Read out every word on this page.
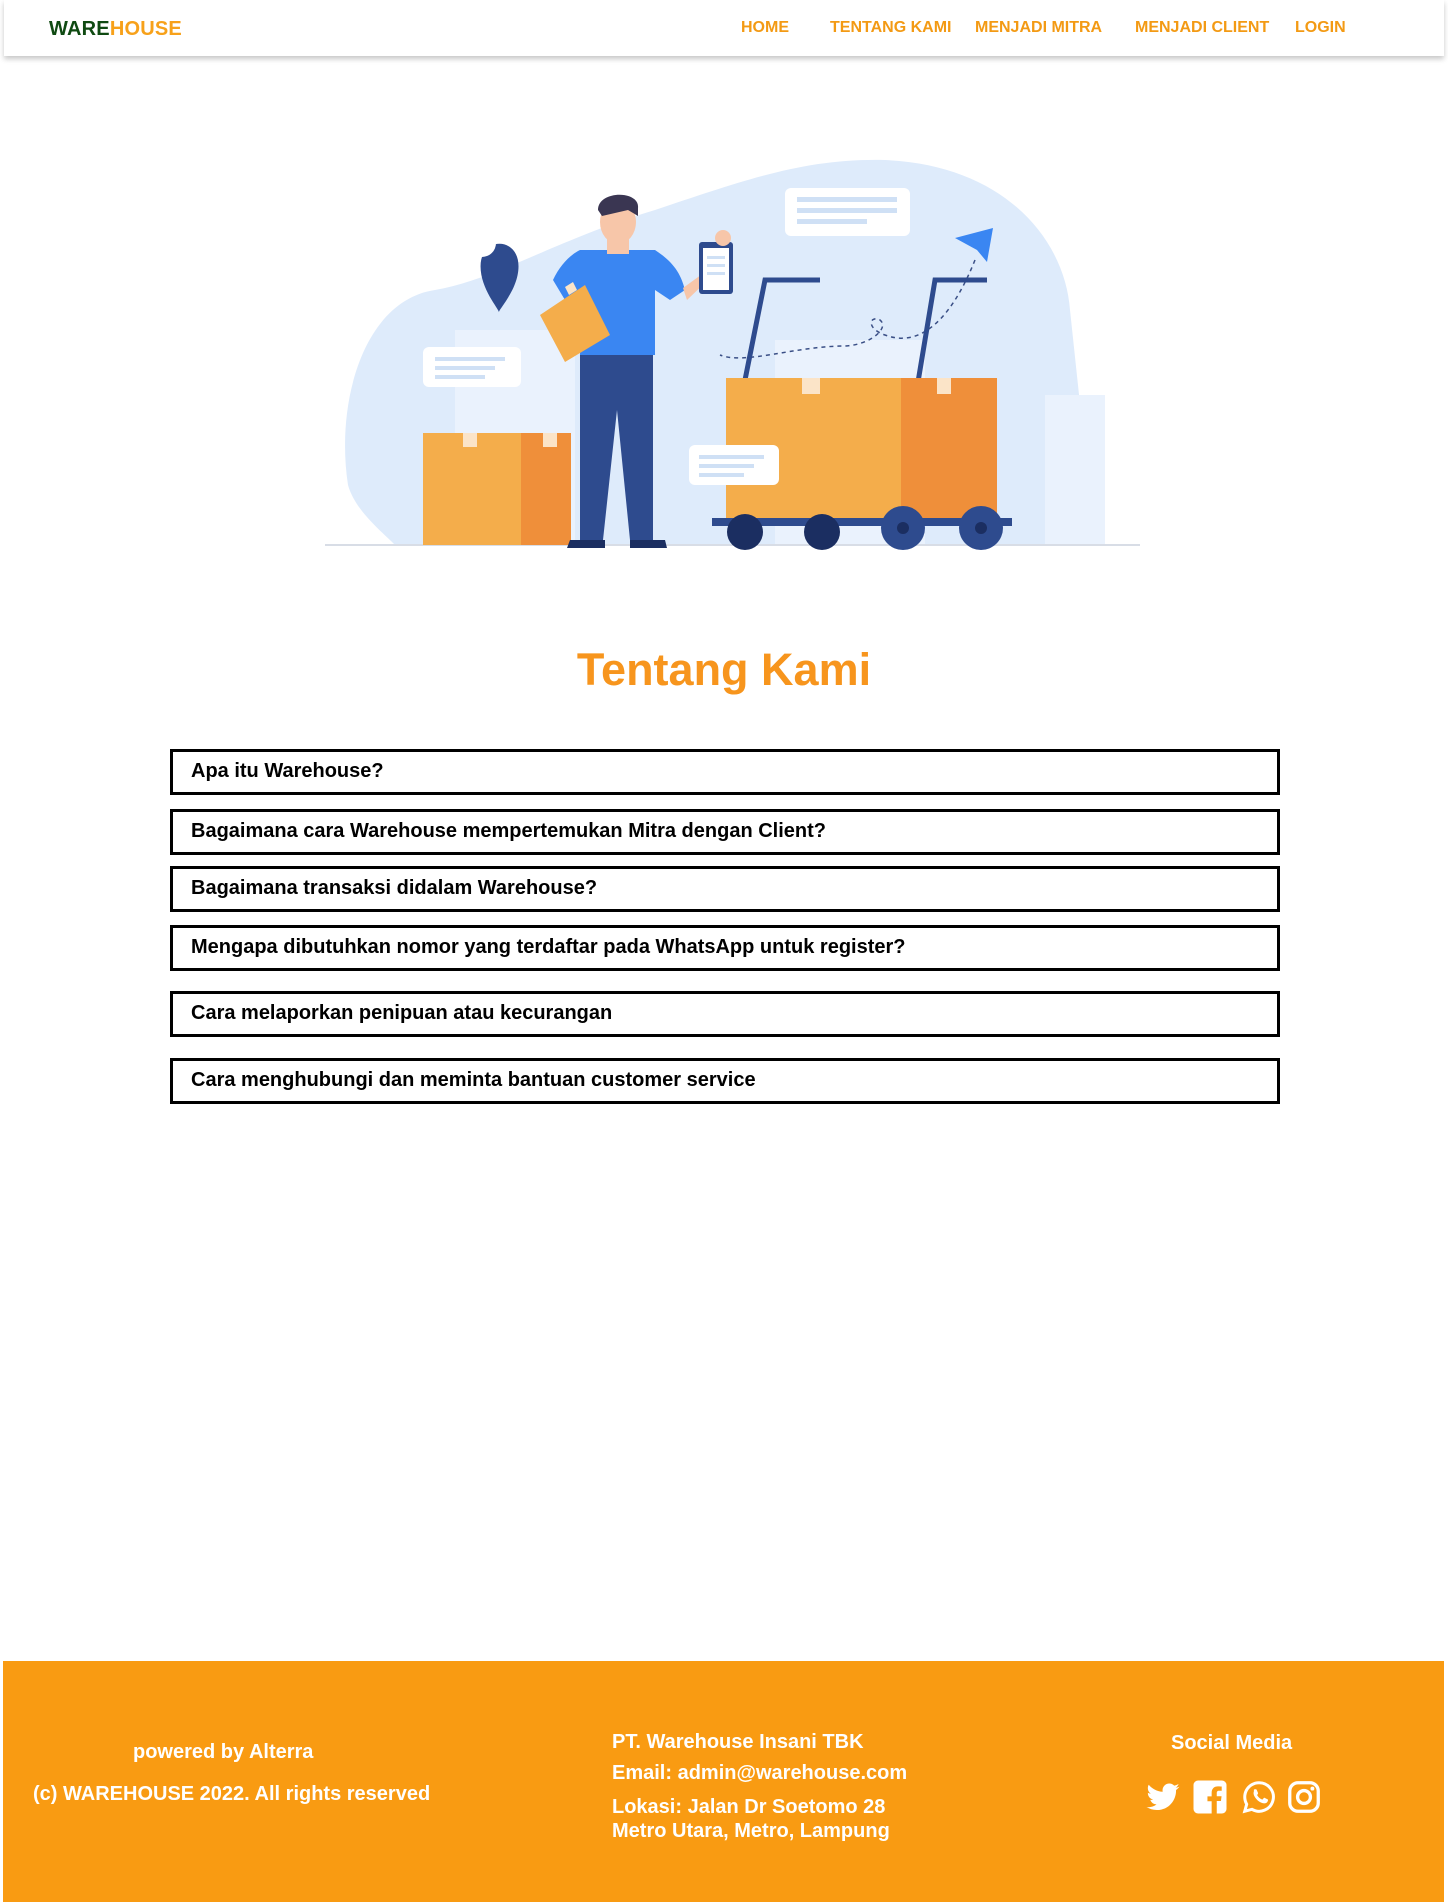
WAREHOUSE	HOME	TENTANG KAMI MENJADI MITRA MENJADI CLIENT LOGIN
Tentang Kami
Apa itu Warehouse?
Bagaimana cara Warehouse mempertemukan Mitra dengan Client?
Bagaimana transaksi didalam Warehouse?
Mengapa dibutuhkan nomor yang terdaftar pada WhatsApp untuk register?
Cara melaporkan penipuan atau kecurangan
Cara menghubungi dan meminta bantuan customer service
powered by Alterra
(c) WAREHOUSE 2022. All rights reserved
PT. Warehouse Insani TBK
Email: admin@warehouse.com
Lokasi: Jalan Dr Soetomo 28
Metro Utara, Metro, Lampung
Social Media
